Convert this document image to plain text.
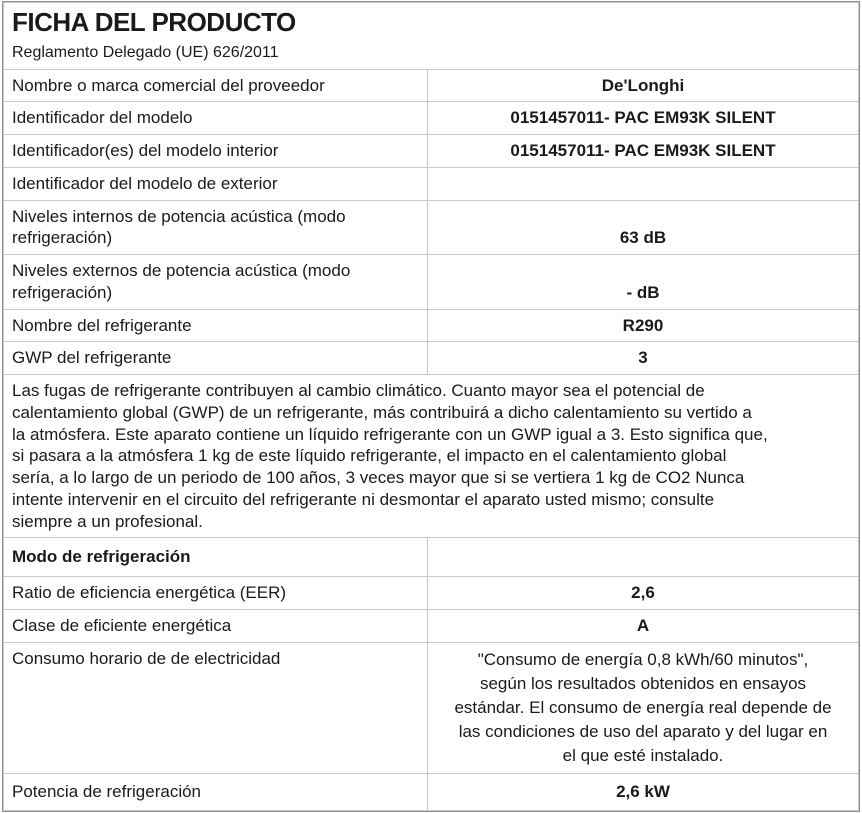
FICHA DEL PRODUCTO
Reglamento Delegado (UE) 626/2011	

Nombre o marca comercial del proveedor	De'Longhi
Identificador del modelo	0151457011- PAC EM93K SILENT
Identificador(es) del modelo interior	0151457011- PAC EM93K SILENT
Identificador del modelo de exterior	
Niveles internos de potencia acústica (modo refrigeración)	63 dB
Niveles externos de potencia acústica (modo refrigeración)	- dB
Nombre del refrigerante	R290
GWP del refrigerante	3
Las fugas de refrigerante contribuyen al cambio climático. Cuanto mayor sea el potencial de
calentamiento global (GWP) de un refrigerante, más contribuirá a dicho calentamiento su vertido a
la atmósfera. Este aparato contiene un líquido refrigerante con un GWP igual a 3. Esto significa que,
si pasara a la atmósfera 1 kg de este líquido refrigerante, el impacto en el calentamiento global
sería, a lo largo de un periodo de 100 años, 3 veces mayor que si se vertiera 1 kg de CO2 Nunca
intente intervenir en el circuito del refrigerante ni desmontar el aparato usted mismo; consulte
siempre a un profesional.
Modo de refrigeración	
Ratio de eficiencia energética (EER)	2,6
Clase de eficiente energética	A
Consumo horario de de electricidad	"Consumo de energía 0,8 kWh/60 minutos",
según los resultados obtenidos en ensayos
estándar. El consumo de energía real depende de
las condiciones de uso del aparato y del lugar en
el que esté instalado.
Potencia de refrigeración	2,6 kW
